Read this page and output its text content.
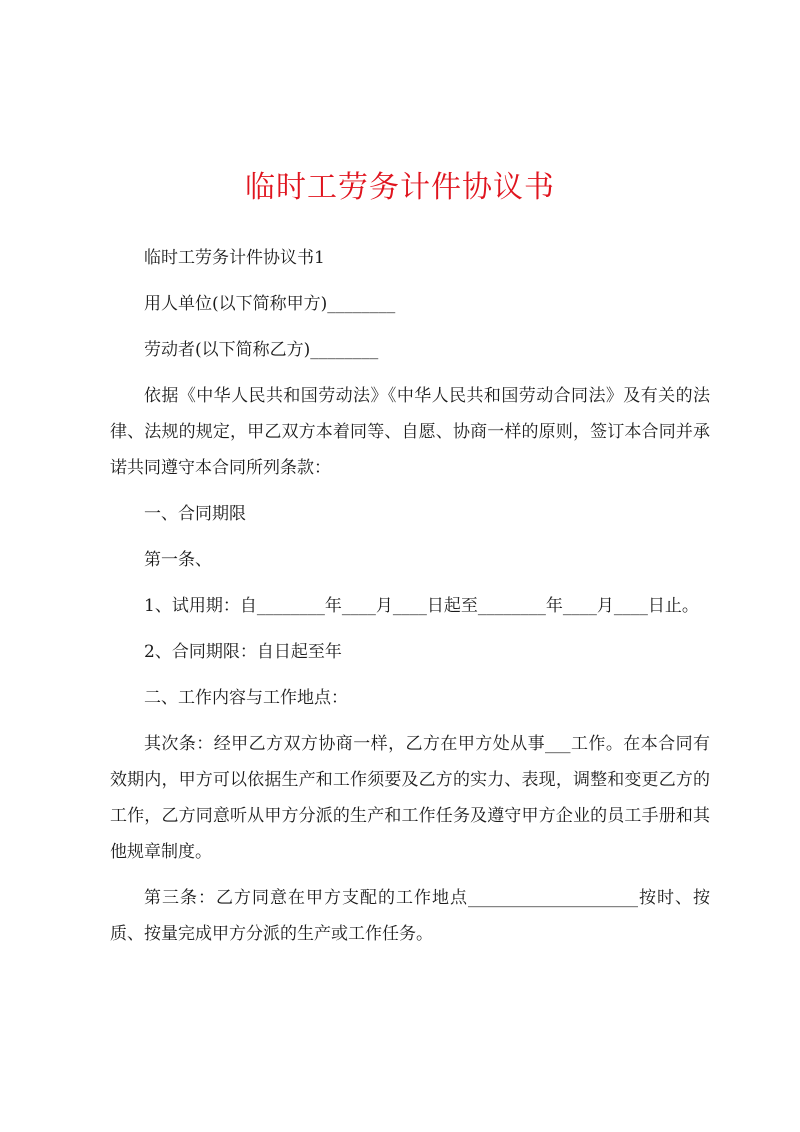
临时工劳务计件协议书

临时工劳务计件协议书1

用人单位(以下简称甲方)________

劳动者(以下简称乙方)________

依据《中华人民共和国劳动法》《中华人民共和国劳动合同法》及有关的法律、法规的规定，甲乙双方本着同等、自愿、协商一样的原则，签订本合同并承诺共同遵守本合同所列条款：

一、合同期限

第一条、

1、试用期：自________年____月____日起至________年____月____日止。

2、合同期限：自日起至年

二、工作内容与工作地点：

其次条：经甲乙方双方协商一样，乙方在甲方处从事___工作。在本合同有效期内，甲方可以依据生产和工作须要及乙方的实力、表现，调整和变更乙方的工作，乙方同意听从甲方分派的生产和工作任务及遵守甲方企业的员工手册和其他规章制度。

第三条：乙方同意在甲方支配的工作地点____________________按时、按质、按量完成甲方分派的生产或工作任务。
